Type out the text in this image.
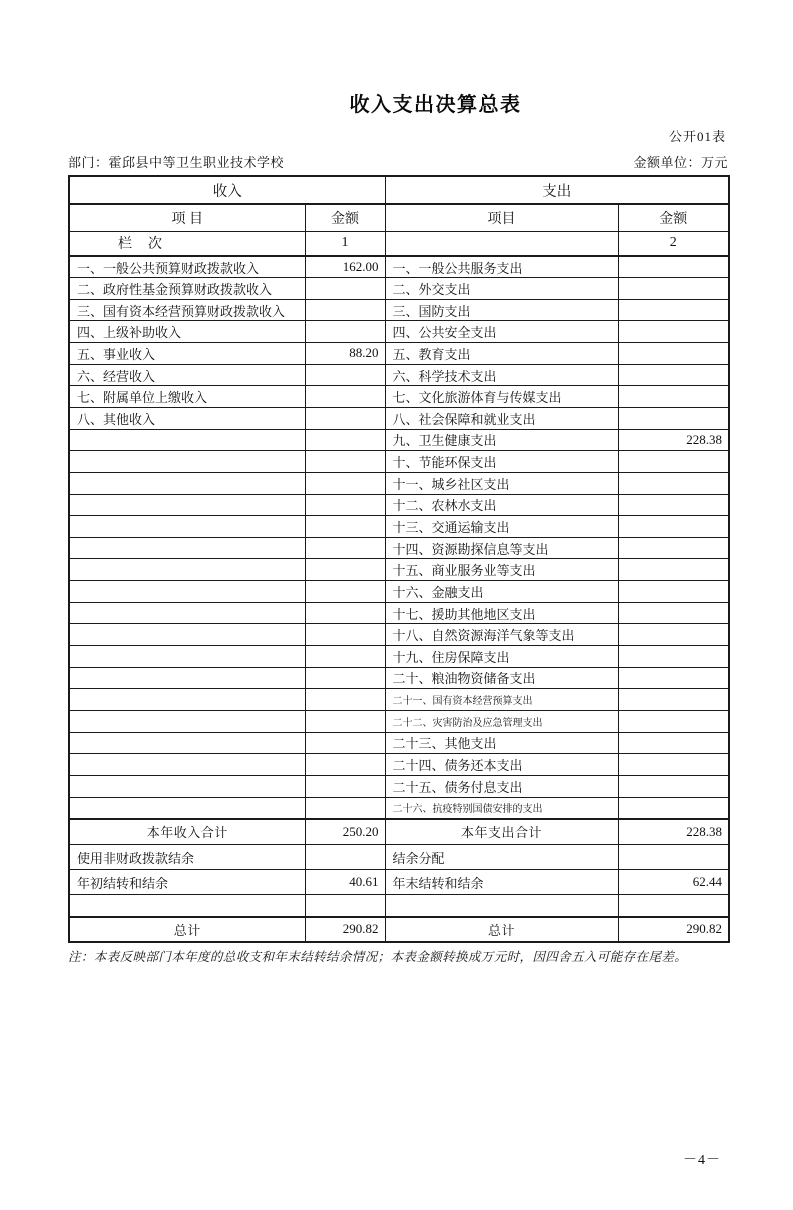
收入支出决算总表
公开01表
部门：霍邱县中等卫生职业技术学校	金额单位：万元
收入		支出	
项 目	金额	项目	金额
栏　次	1		2
一、一般公共预算财政拨款收入	162.00	一、一般公共服务支出	
二、政府性基金预算财政拨款收入		二、外交支出	
三、国有资本经营预算财政拨款收入		三、国防支出	
四、上级补助收入		四、公共安全支出	
五、事业收入	88.20	五、教育支出	
六、经营收入		六、科学技术支出	
七、附属单位上缴收入		七、文化旅游体育与传媒支出	
八、其他收入		八、社会保障和就业支出	
		九、卫生健康支出	228.38
		十、节能环保支出	
		十一、城乡社区支出	
		十二、农林水支出	
		十三、交通运输支出	
		十四、资源勘探信息等支出	
		十五、商业服务业等支出	
		十六、金融支出	
		十七、援助其他地区支出	
		十八、自然资源海洋气象等支出	
		十九、住房保障支出	
		二十、粮油物资储备支出	
		二十一、国有资本经营预算支出	
		二十二、灾害防治及应急管理支出	
		二十三、其他支出	
		二十四、债务还本支出	
		二十五、债务付息支出	
		二十六、抗疫特别国债安排的支出	
本年收入合计	250.20	本年支出合计	228.38
使用非财政拨款结余		结余分配	
年初结转和结余	40.61	年末结转和结余	62.44

总计	290.82	总计	290.82
注：本表反映部门本年度的总收支和年末结转结余情况；本表金额转换成万元时，因四舍五入可能存在尾差。
－4－
